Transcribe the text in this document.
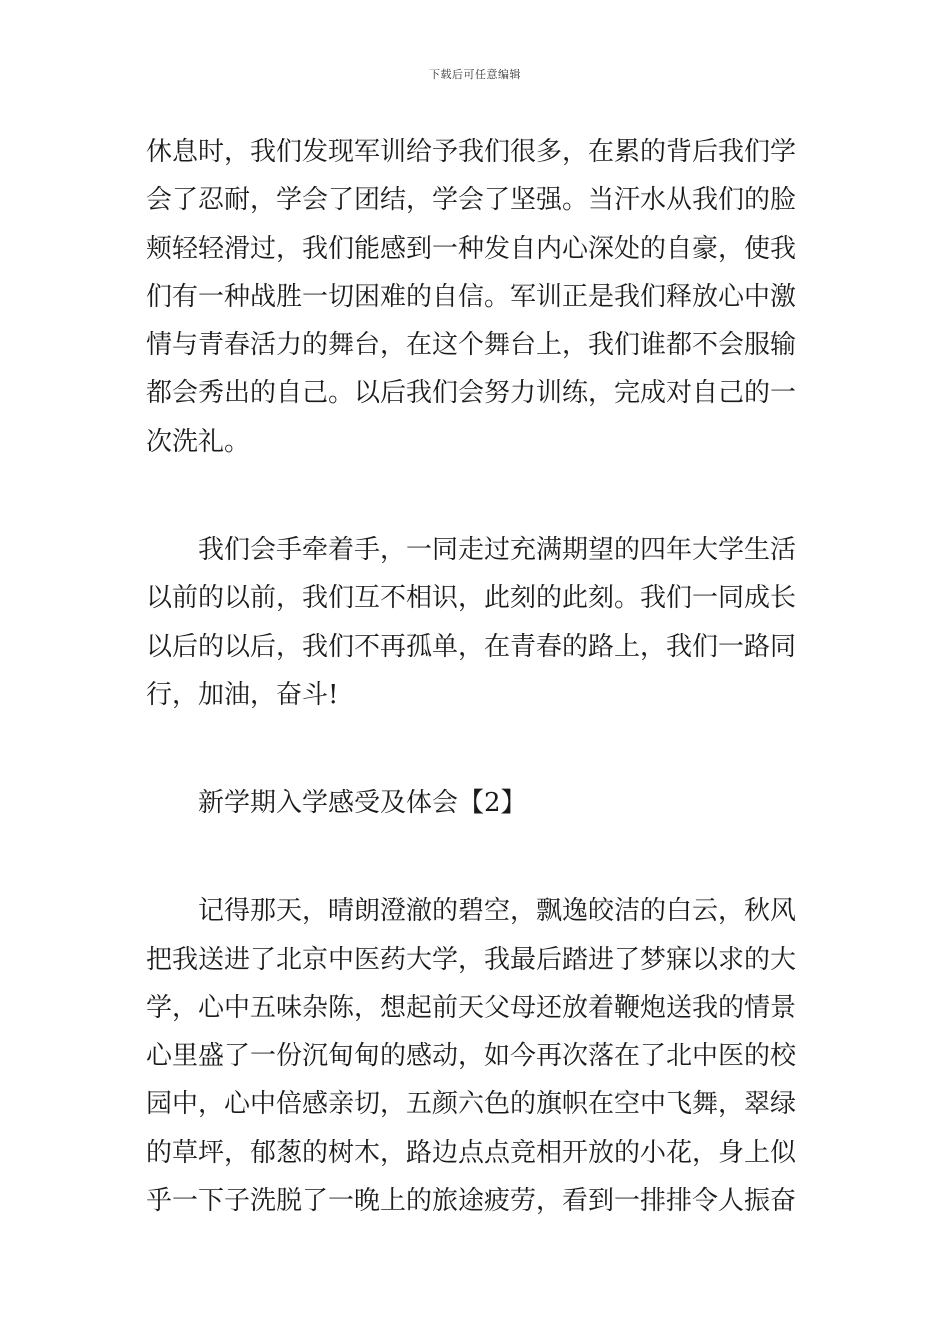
下载后可任意编辑

休息时，我们发现军训给予我们很多，在累的背后我们学
会了忍耐，学会了团结，学会了坚强。当汗水从我们的脸
颊轻轻滑过，我们能感到一种发自内心深处的自豪，使我
们有一种战胜一切困难的自信。军训正是我们释放心中激
情与青春活力的舞台，在这个舞台上，我们谁都不会服输
都会秀出的自己。以后我们会努力训练，完成对自己的一
次洗礼。

我们会手牵着手，一同走过充满期望的四年大学生活
以前的以前，我们互不相识，此刻的此刻。我们一同成长
以后的以后，我们不再孤单，在青春的路上，我们一路同
行，加油，奋斗!

新学期入学感受及体会【2】

记得那天，晴朗澄澈的碧空，飘逸皎洁的白云，秋风
把我送进了北京中医药大学，我最后踏进了梦寐以求的大
学，心中五味杂陈，想起前天父母还放着鞭炮送我的情景
心里盛了一份沉甸甸的感动，如今再次落在了北中医的校
园中，心中倍感亲切，五颜六色的旗帜在空中飞舞，翠绿
的草坪，郁葱的树木，路边点点竞相开放的小花，身上似
乎一下子洗脱了一晚上的旅途疲劳，看到一排排令人振奋
